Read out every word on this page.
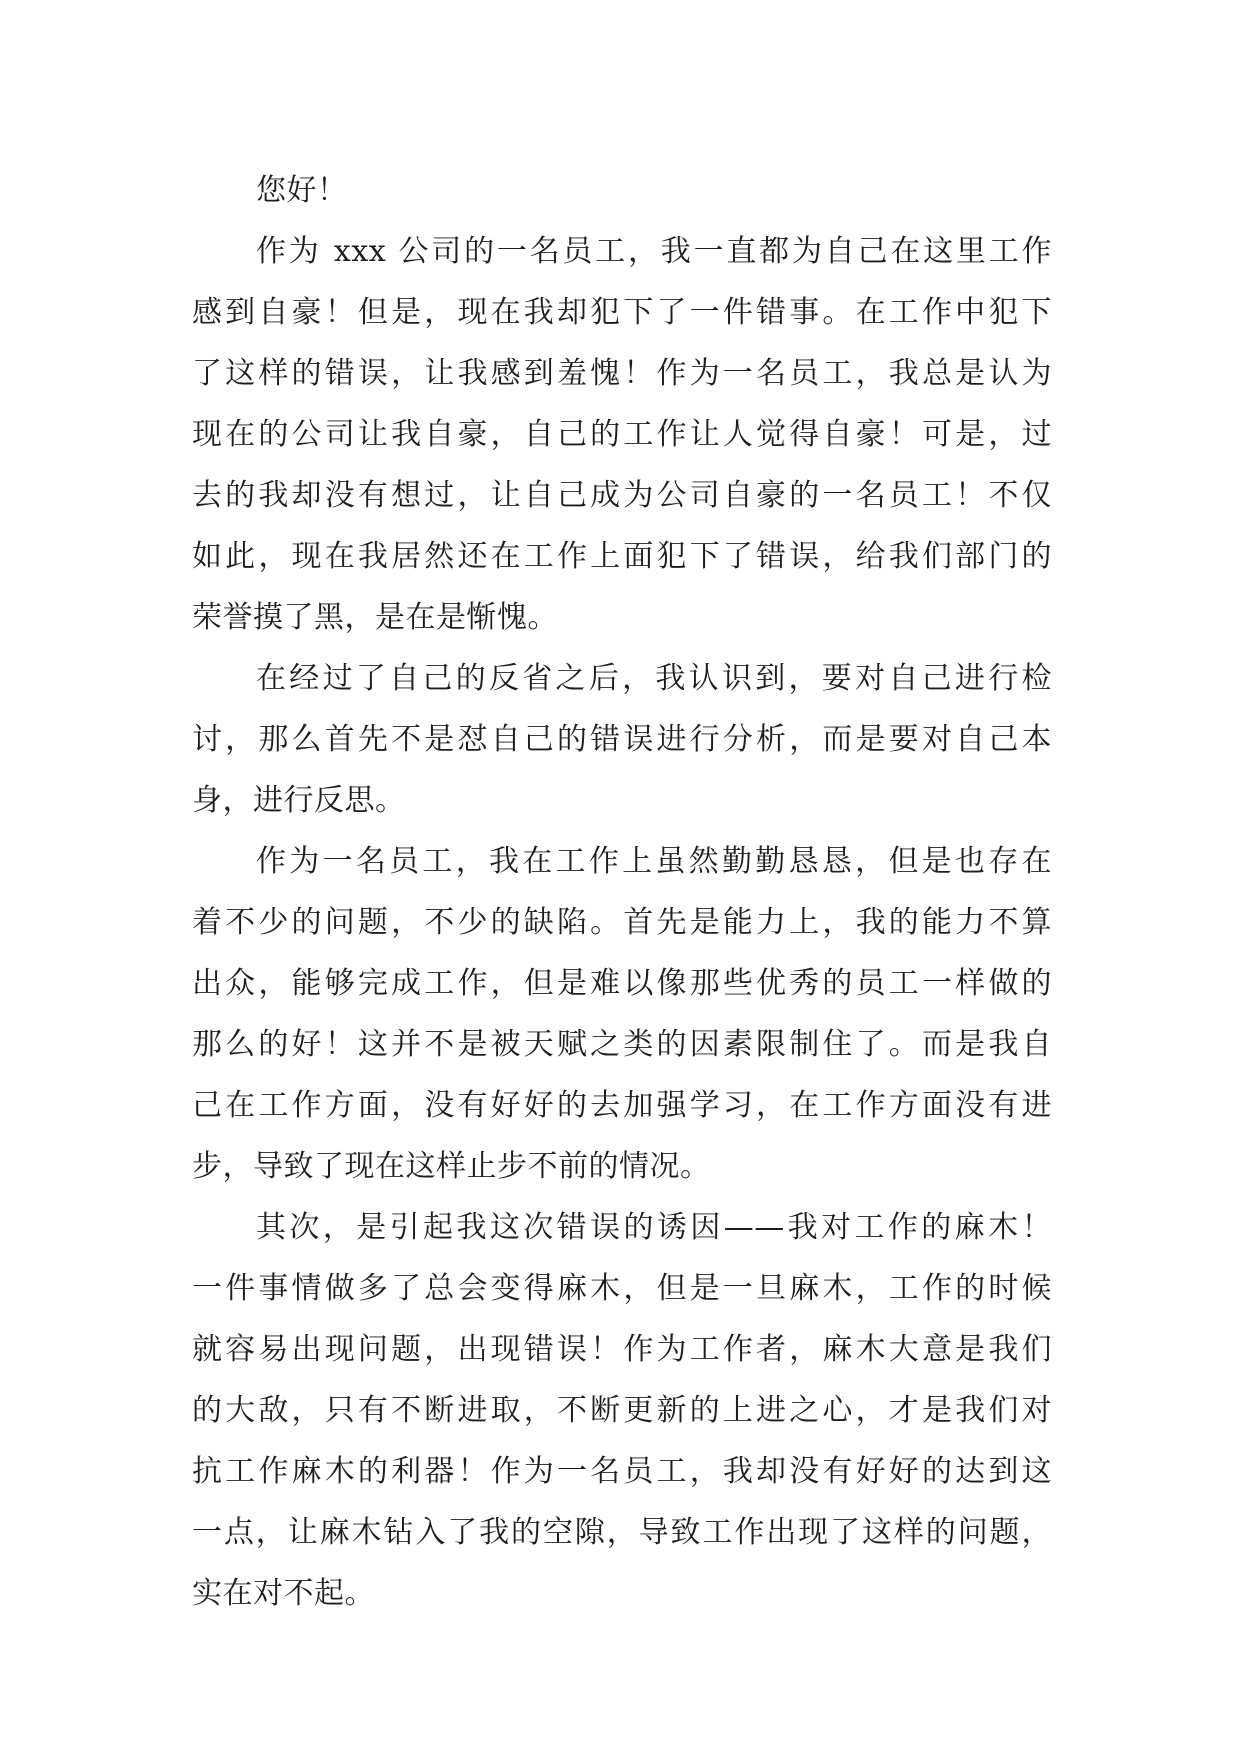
您好！
作为 xxx 公司的一名员工，我一直都为自己在这里工作
感到自豪！但是，现在我却犯下了一件错事。在工作中犯下
了这样的错误，让我感到羞愧！作为一名员工，我总是认为
现在的公司让我自豪，自己的工作让人觉得自豪！可是，过
去的我却没有想过，让自己成为公司自豪的一名员工！不仅
如此，现在我居然还在工作上面犯下了错误，给我们部门的
荣誉摸了黑，是在是惭愧。
在经过了自己的反省之后，我认识到，要对自己进行检
讨，那么首先不是怼自己的错误进行分析，而是要对自己本
身，进行反思。
作为一名员工，我在工作上虽然勤勤恳恳，但是也存在
着不少的问题，不少的缺陷。首先是能力上，我的能力不算
出众，能够完成工作，但是难以像那些优秀的员工一样做的
那么的好！这并不是被天赋之类的因素限制住了。而是我自
己在工作方面，没有好好的去加强学习，在工作方面没有进
步，导致了现在这样止步不前的情况。
其次，是引起我这次错误的诱因——我对工作的麻木！
一件事情做多了总会变得麻木，但是一旦麻木，工作的时候
就容易出现问题，出现错误！作为工作者，麻木大意是我们
的大敌，只有不断进取，不断更新的上进之心，才是我们对
抗工作麻木的利器！作为一名员工，我却没有好好的达到这
一点，让麻木钻入了我的空隙，导致工作出现了这样的问题，
实在对不起。
